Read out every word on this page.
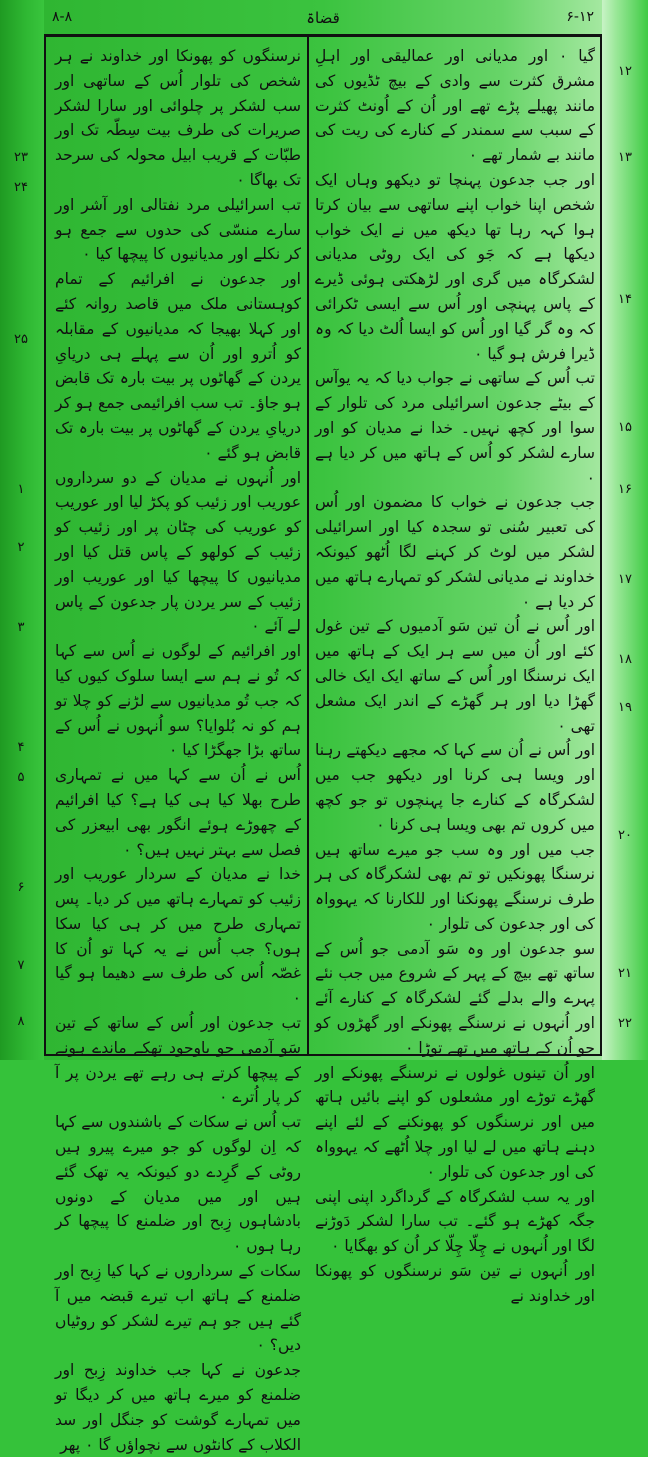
۸-۸	قضاۃ	۶-۱۲

گیا ۰ اور مدیانی اور عمالیقی اور اہلِ مشرق کثرت سے وادی کے بیچ ٹڈیوں کی مانند پھیلے پڑے تھے اور اُن کے اُونٹ کثرت کے سبب سے سمندر کے کنارے کی ریت کی مانند بے شمار تھے ۰

اور جب جدعون پہنچا تو دیکھو وہاں ایک شخص اپنا خواب اپنے ساتھی سے بیان کرتا ہوا کہہ رہا تھا دیکھ میں نے ایک خواب دیکھا ہے کہ جَو کی ایک روٹی مدیانی لشکرگاہ میں گری اور لڑھکتی ہوئی ڈیرے کے پاس پہنچی اور اُس سے ایسی ٹکرائی کہ وہ گر گیا اور اُس کو ایسا اُلٹ دیا کہ وہ ڈیرا فرش ہو گیا ۰

تب اُس کے ساتھی نے جواب دیا کہ یہ یوآس کے بیٹے جدعون اسرائیلی مرد کی تلوار کے سوا اور کچھ نہیں۔ خدا نے مدیان کو اور سارے لشکر کو اُس کے ہاتھ میں کر دیا ہے ۰

جب جدعون نے خواب کا مضمون اور اُس کی تعبیر سُنی تو سجدہ کیا اور اسرائیلی لشکر میں لوٹ کر کہنے لگا اُٹھو کیونکہ خداوند نے مدیانی لشکر کو تمہارے ہاتھ میں کر دیا ہے ۰

اور اُس نے اُن تین سَو آدمیوں کے تین غول کئے اور اُن میں سے ہر ایک کے ہاتھ میں ایک نرسنگا اور اُس کے ساتھ ایک ایک خالی گھڑا دیا اور ہر گھڑے کے اندر ایک مشعل تھی ۰

اور اُس نے اُن سے کہا کہ مجھے دیکھتے رہنا اور ویسا ہی کرنا اور دیکھو جب میں لشکرگاہ کے کنارے جا پہنچوں تو جو کچھ میں کروں تم بھی ویسا ہی کرنا ۰

جب میں اور وہ سب جو میرے ساتھ ہیں نرسنگا پھونکیں تو تم بھی لشکرگاہ کی ہر طرف نرسنگے پھونکنا اور للکارنا کہ یہوواہ کی اور جدعون کی تلوار ۰

سو جدعون اور وہ سَو آدمی جو اُس کے ساتھ تھے بیچ کے پہر کے شروع میں جب نئے پہرے والے بدلے گئے لشکرگاہ کے کنارے آئے اور اُنہوں نے نرسنگے پھونکے اور گھڑوں کو جو اُن کے ہاتھ میں تھے توڑا ۰

اور اُن تینوں غولوں نے نرسنگے پھونکے اور گھڑے توڑے اور مشعلوں کو اپنے بائیں ہاتھ میں اور نرسنگوں کو پھونکنے کے لئے اپنے دہنے ہاتھ میں لے لیا اور چلا اُٹھے کہ یہوواہ کی اور جدعون کی تلوار ۰

اور یہ سب لشکرگاہ کے گرداگرد اپنی اپنی جگہ کھڑے ہو گئے۔ تب سارا لشکر دَوڑنے لگا اور اُنہوں نے چِلّا چِلّا کر اُن کو بھگایا ۰

اور اُنہوں نے تین سَو نرسنگوں کو پھونکا اور خداوند نے

نرسنگوں کو پھونکا اور خداوند نے ہر شخص کی تلوار اُس کے ساتھی اور سب لشکر پر چلوائی اور سارا لشکر صریرات کی طرف بیت سِطّہ تک اور طبّات کے قریب ابیل محولہ کی سرحد تک بھاگا ۰

تب اسرائیلی مرد نفتالی اور آشر اور سارے منسّی کی حدوں سے جمع ہو کر نکلے اور مدیانیوں کا پیچھا کیا ۰

اور جدعون نے افرائیم کے تمام کوہستانی ملک میں قاصد روانہ کئے اور کہلا بھیجا کہ مدیانیوں کے مقابلہ کو اُترو اور اُن سے پہلے ہی دریایِ یردن کے گھاٹوں پر بیت بارہ تک قابض ہو جاؤ۔ تب سب افرائیمی جمع ہو کر دریایِ یردن کے گھاٹوں پر بیت بارہ تک قابض ہو گئے ۰

اور اُنہوں نے مدیان کے دو سرداروں عوریب اور زئیب کو پکڑ لیا اور عوریب کو عوریب کی چٹان پر اور زئیب کو زئیب کے کولھو کے پاس قتل کیا اور مدیانیوں کا پیچھا کیا اور عوریب اور زئیب کے سر یردن پار جدعون کے پاس لے آئے ۰

اور افرائیم کے لوگوں نے اُس سے کہا کہ تُو نے ہم سے ایسا سلوک کیوں کیا کہ جب تُو مدیانیوں سے لڑنے کو چلا تو ہم کو نہ بُلوایا؟ سو اُنہوں نے اُس کے ساتھ بڑا جھگڑا کیا ۰

اُس نے اُن سے کہا میں نے تمہاری طرح بھلا کیا ہی کیا ہے؟ کیا افرائیم کے چھوڑے ہوئے انگور بھی ابیعزر کی فصل سے بہتر نہیں ہیں؟ ۰

خدا نے مدیان کے سردار عوریب اور زئیب کو تمہارے ہاتھ میں کر دیا۔ پس تمہاری طرح میں کر ہی کیا سکا ہوں؟ جب اُس نے یہ کہا تو اُن کا غصّہ اُس کی طرف سے دھیما ہو گیا ۰

تب جدعون اور اُس کے ساتھ کے تین سَو آدمی جو باوجود تھکے ماندے ہونے کے پیچھا کرتے ہی رہے تھے یردن پر آ کر پار اُترے ۰

تب اُس نے سکات کے باشندوں سے کہا کہ اِن لوگوں کو جو میرے پیرو ہیں روٹی کے گرِدے دو کیونکہ یہ تھک گئے ہیں اور میں مدیان کے دونوں بادشاہوں زِبح اور ضلمنع کا پیچھا کر رہا ہوں ۰

سکات کے سرداروں نے کہا کیا زِبح اور ضلمنع کے ہاتھ اب تیرے قبضہ میں آ گئے ہیں جو ہم تیرے لشکر کو روٹیاں دیں؟ ۰

جدعون نے کہا جب خداوند زِبح اور ضلمنع کو میرے ہاتھ میں کر دیگا تو میں تمہارے گوشت کو جنگل اور سد الکلاب کے کانٹوں سے نچواؤں گا ۰ پھر

۱۲
۱۳
۱۴
۱۵
۱۶
۱۷
۱۸
۱۹
۲۰
۲۱
۲۲
۲۳
۲۴
۲۵
۱
۲
۳
۴
۵
۶
۷
۸
